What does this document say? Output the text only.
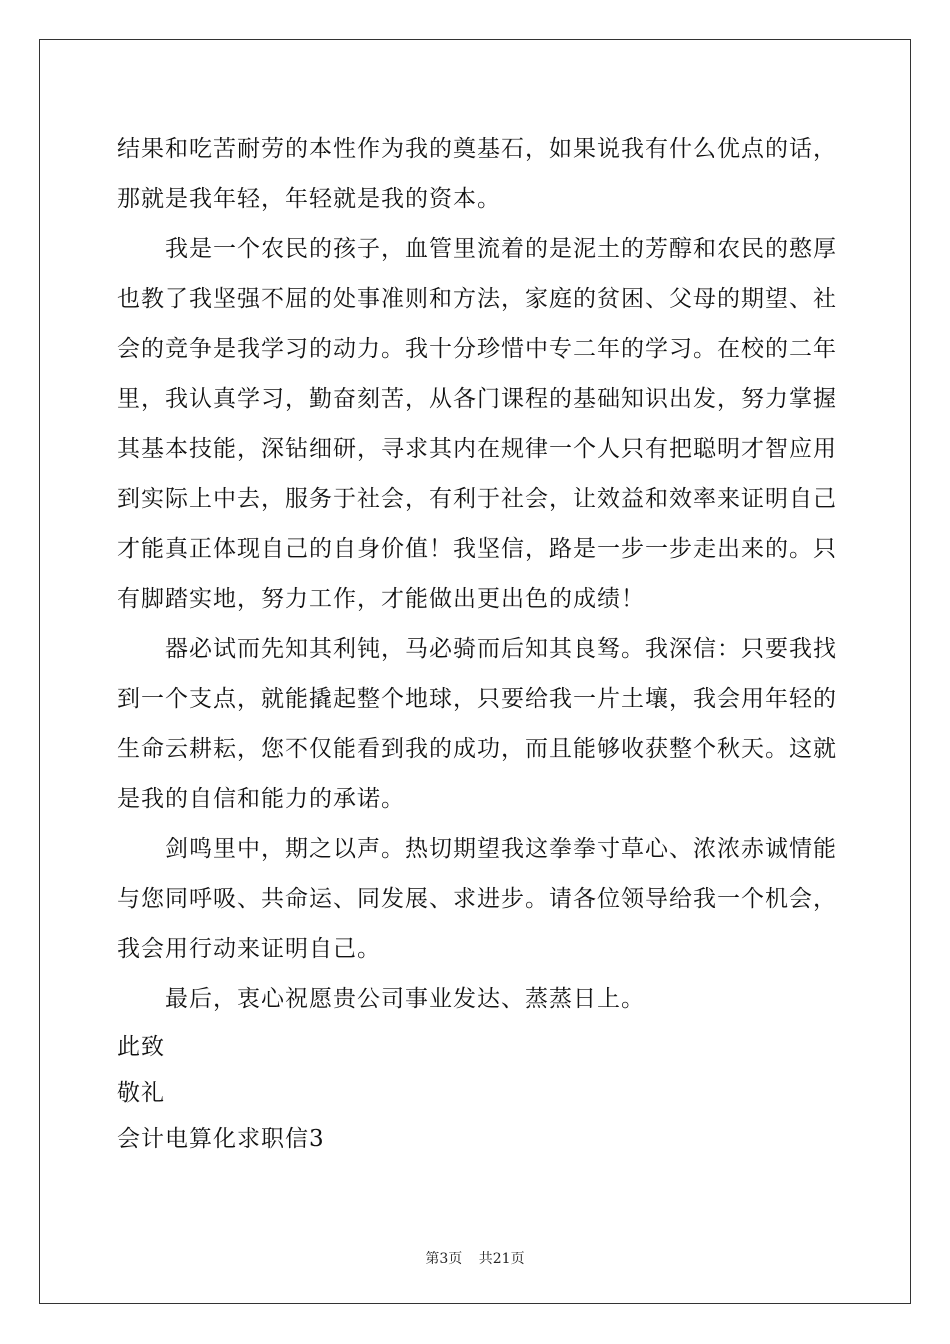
结果和吃苦耐劳的本性作为我的奠基石，如果说我有什么优点的话，那就是我年轻，年轻就是我的资本。

我是一个农民的孩子，血管里流着的是泥土的芳醇和农民的憨厚也教了我坚强不屈的处事准则和方法，家庭的贫困、父母的期望、社会的竞争是我学习的动力。我十分珍惜中专二年的学习。在校的二年里，我认真学习，勤奋刻苦，从各门课程的基础知识出发，努力掌握其基本技能，深钻细研，寻求其内在规律一个人只有把聪明才智应用到实际上中去，服务于社会，有利于社会，让效益和效率来证明自己才能真正体现自己的自身价值！我坚信，路是一步一步走出来的。只有脚踏实地，努力工作，才能做出更出色的成绩！

器必试而先知其利钝，马必骑而后知其良驽。我深信：只要我找到一个支点，就能撬起整个地球，只要给我一片土壤，我会用年轻的生命云耕耘，您不仅能看到我的成功，而且能够收获整个秋天。这就是我的自信和能力的承诺。

剑鸣里中，期之以声。热切期望我这拳拳寸草心、浓浓赤诚情能与您同呼吸、共命运、同发展、求进步。请各位领导给我一个机会，我会用行动来证明自己。

最后，衷心祝愿贵公司事业发达、蒸蒸日上。

此致

敬礼

会计电算化求职信3

第3页 共21页
